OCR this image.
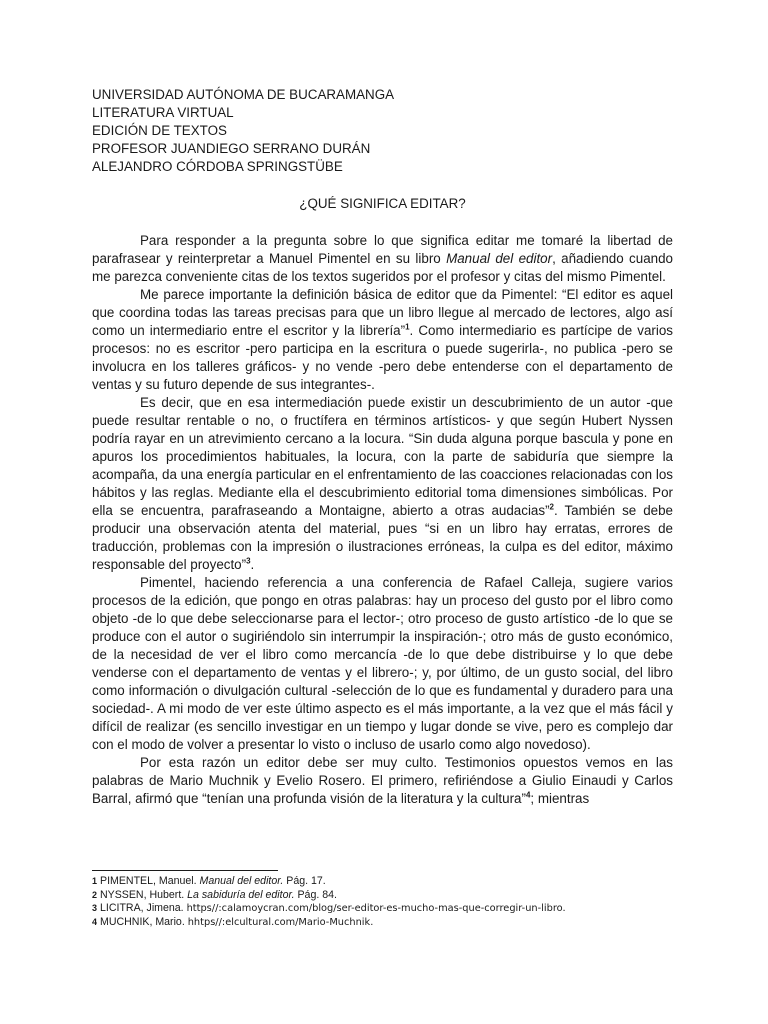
UNIVERSIDAD AUTÓNOMA DE BUCARAMANGA

LITERATURA VIRTUAL

EDICIÓN DE TEXTOS

PROFESOR JUANDIEGO SERRANO DURÁN

ALEJANDRO CÓRDOBA SPRINGSTÜBE

¿QUÉ SIGNIFICA EDITAR?

Para responder a la pregunta sobre lo que significa editar me tomaré la libertad de parafrasear y reinterpretar a Manuel Pimentel en su libro Manual del editor, añadiendo cuando me parezca conveniente citas de los textos sugeridos por el profesor y citas del mismo Pimentel.

Me parece importante la definición básica de editor que da Pimentel: “El editor es aquel que coordina todas las tareas precisas para que un libro llegue al mercado de lectores, algo así como un intermediario entre el escritor y la librería”$^1$. Como intermediario es partícipe de varios procesos: no es escritor -pero participa en la escritura o puede sugerirla-, no publica -pero se involucra en los talleres gráficos- y no vende -pero debe entenderse con el departamento de ventas y su futuro depende de sus integrantes-.

Es decir, que en esa intermediación puede existir un descubrimiento de un autor -que puede resultar rentable o no, o fructífera en términos artísticos- y que según Hubert Nyssen podría rayar en un atrevimiento cercano a la locura. “Sin duda alguna porque bascula y pone en apuros los procedimientos habituales, la locura, con la parte de sabiduría que siempre la acompaña, da una energía particular en el enfrentamiento de las coacciones relacionadas con los hábitos y las reglas. Mediante ella el descubrimiento editorial toma dimensiones simbólicas. Por ella se encuentra, parafraseando a Montaigne, abierto a otras audacias”$^2$. También se debe producir una observación atenta del material, pues “si en un libro hay erratas, errores de traducción, problemas con la impresión o ilustraciones erróneas, la culpa es del editor, máximo responsable del proyecto”$^3$.

Pimentel, haciendo referencia a una conferencia de Rafael Calleja, sugiere varios procesos de la edición, que pongo en otras palabras: hay un proceso del gusto por el libro como objeto -de lo que debe seleccionarse para el lector-; otro proceso de gusto artístico -de lo que se produce con el autor o sugiriéndolo sin interrumpir la inspiración-; otro más de gusto económico, de la necesidad de ver el libro como mercancía -de lo que debe distribuirse y lo que debe venderse con el departamento de ventas y el librero-; y, por último, de un gusto social, del libro como información o divulgación cultural -selección de lo que es fundamental y duradero para una sociedad-. A mi modo de ver este último aspecto es el más importante, a la vez que el más fácil y difícil de realizar (es sencillo investigar en un tiempo y lugar donde se vive, pero es complejo dar con el modo de volver a presentar lo visto o incluso de usarlo como algo novedoso).

Por esta razón un editor debe ser muy culto. Testimonios opuestos vemos en las palabras de Mario Muchnik y Evelio Rosero. El primero, refiriéndose a Giulio Einaudi y Carlos Barral, afirmó que “tenían una profunda visión de la literatura y la cultura”$^4$; mientras

1 PIMENTEL, Manuel. Manual del editor. Pág. 17.

2 NYSSEN, Hubert. La sabiduría del editor. Pág. 84.

3 LICITRA, Jimena. https//:calamoycran.com/blog/ser-editor-es-mucho-mas-que-corregir-un-libro.

4 MUCHNIK, Mario. hhtps//:elcultural.com/Mario-Muchnik.
